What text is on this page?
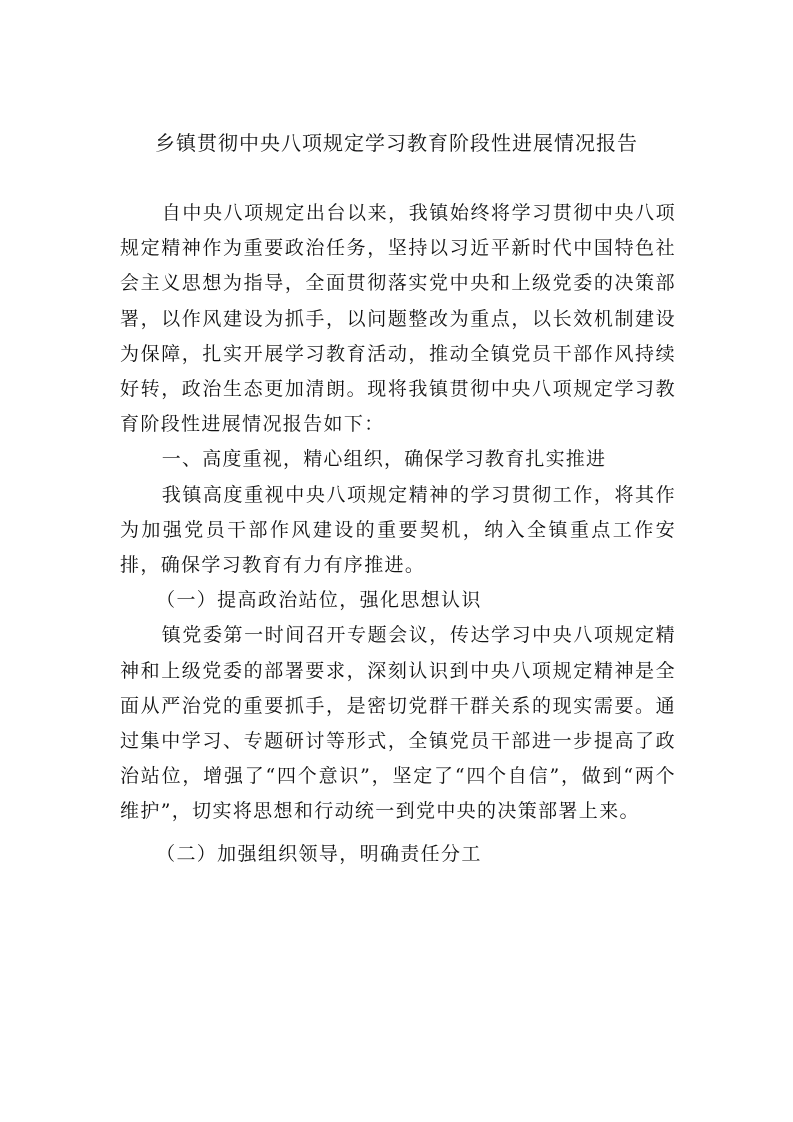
乡镇贯彻中央八项规定学习教育阶段性进展情况报告

自中央八项规定出台以来，我镇始终将学习贯彻中央八项规定精神作为重要政治任务，坚持以习近平新时代中国特色社会主义思想为指导，全面贯彻落实党中央和上级党委的决策部署，以作风建设为抓手，以问题整改为重点，以长效机制建设为保障，扎实开展学习教育活动，推动全镇党员干部作风持续好转，政治生态更加清朗。现将我镇贯彻中央八项规定学习教育阶段性进展情况报告如下：

一、高度重视，精心组织，确保学习教育扎实推进

我镇高度重视中央八项规定精神的学习贯彻工作，将其作为加强党员干部作风建设的重要契机，纳入全镇重点工作安排，确保学习教育有力有序推进。

（一）提高政治站位，强化思想认识

镇党委第一时间召开专题会议，传达学习中央八项规定精神和上级党委的部署要求，深刻认识到中央八项规定精神是全面从严治党的重要抓手，是密切党群干群关系的现实需要。通过集中学习、专题研讨等形式，全镇党员干部进一步提高了政治站位，增强了“四个意识”，坚定了“四个自信”，做到“两个维护”，切实将思想和行动统一到党中央的决策部署上来。

（二）加强组织领导，明确责任分工
